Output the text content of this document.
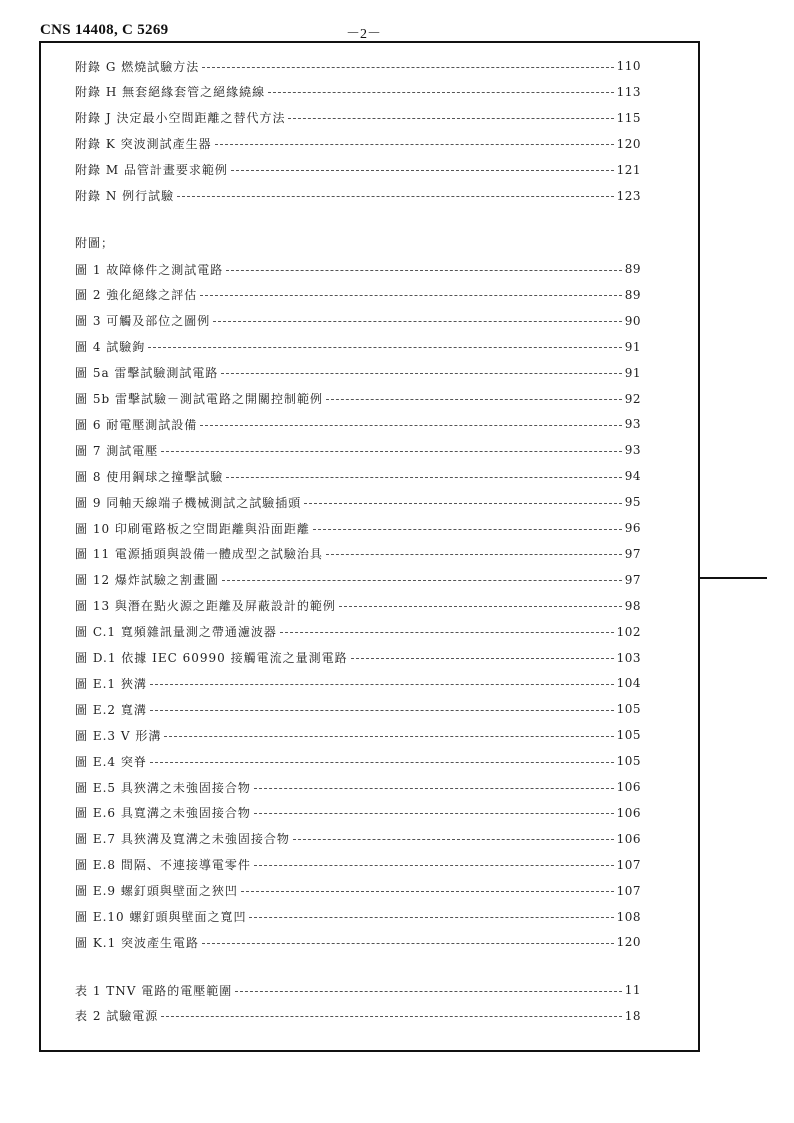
CNS 14408, C 5269	－2－
附圖；
附錄 G 燃燒試驗方法	110
附錄 H 無套絕緣套管之絕緣繞線	113
附錄 J 決定最小空間距離之替代方法	115
附錄 K 突波測試產生器	120
附錄 M 品管計畫要求範例	121
附錄 N 例行試驗	123
圖 1 故障條件之測試電路	89
圖 2 強化絕緣之評估	89
圖 3 可觸及部位之圖例	90
圖 4 試驗鉤	91
圖 5a 雷擊試驗測試電路	91
圖 5b 雷擊試驗－測試電路之開關控制範例	92
圖 6 耐電壓測試設備	93
圖 7 測試電壓	93
圖 8 使用鋼球之撞擊試驗	94
圖 9 同軸天線端子機械測試之試驗插頭	95
圖 10 印刷電路板之空間距離與沿面距離	96
圖 11 電源插頭與設備一體成型之試驗治具	97
圖 12 爆炸試驗之割畫圖	97
圖 13 與潛在點火源之距離及屏蔽設計的範例	98
圖 C.1 寬頻雜訊量測之帶通濾波器	102
圖 D.1 依據 IEC 60990 接觸電流之量測電路	103
圖 E.1 狹溝	104
圖 E.2 寬溝	105
圖 E.3 V 形溝	105
圖 E.4 突脊	105
圖 E.5 具狹溝之未強固接合物	106
圖 E.6 具寬溝之未強固接合物	106
圖 E.7 具狹溝及寬溝之未強固接合物	106
圖 E.8 間隔、不連接導電零件	107
圖 E.9 螺釘頭與壁面之狹凹	107
圖 E.10 螺釘頭與壁面之寬凹	108
圖 K.1 突波產生電路	120
表 1 TNV 電路的電壓範圍	11
表 2 試驗電源	18
